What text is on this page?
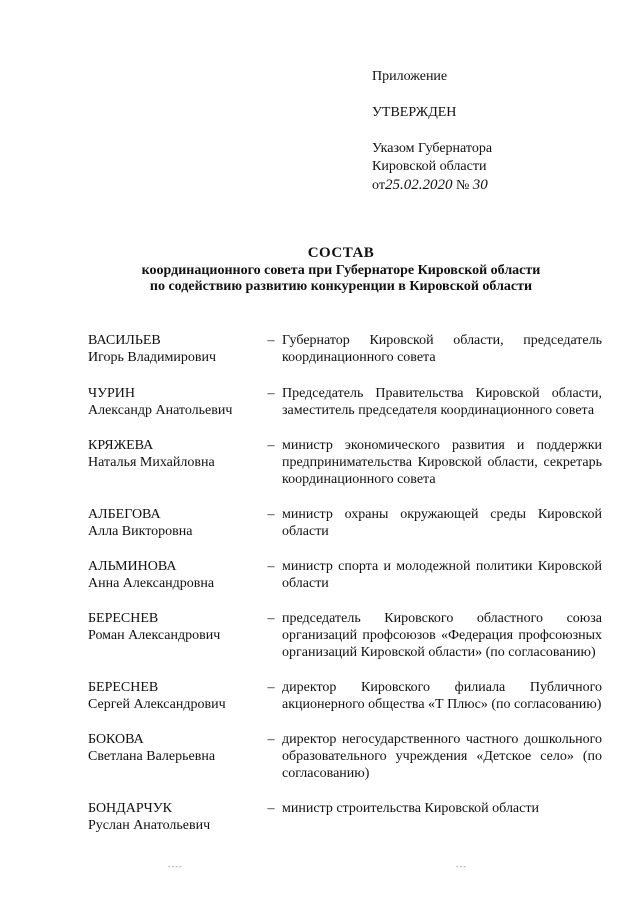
Приложение
УТВЕРЖДЕН
Указом Губернатора
Кировской области
от25.02.2020 № 30
СОСТАВ
координационного совета при Губернаторе Кировской области
по содействию развитию конкуренции в Кировской области
ВАСИЛЬЕВ
Игорь Владимирович
– Губернатор Кировской области, председатель координационного совета
ЧУРИН
Александр Анатольевич
– Председатель Правительства Кировской области, заместитель председателя координационного совета
КРЯЖЕВА
Наталья Михайловна
– министр экономического развития и поддержки предпринимательства Кировской области, секретарь координационного совета
АЛБЕГОВА
Алла Викторовна
– министр охраны окружающей среды Кировской области
АЛЬМИНОВА
Анна Александровна
– министр спорта и молодежной политики Кировской области
БЕРЕСНЕВ
Роман Александрович
– председатель Кировского областного союза организаций профсоюзов «Федерация профсоюзных организаций Кировской области» (по согласованию)
БЕРЕСНЕВ
Сергей Александрович
– директор Кировского филиала Публичного акционерного общества «Т Плюс» (по согласованию)
БОКОВА
Светлана Валерьевна
– директор негосударственного частного дошкольного образовательного учреждения «Детское село» (по согласованию)
БОНДАРЧУК
Руслан Анатольевич
– министр строительства Кировской области
----	---
